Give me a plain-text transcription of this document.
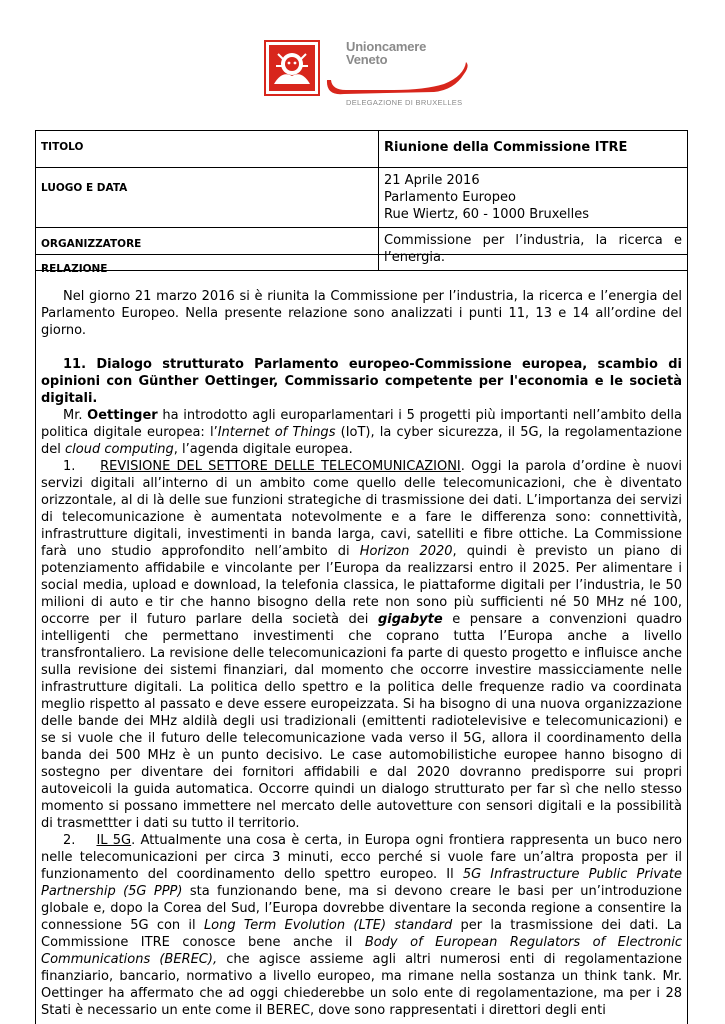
Unioncamere
Veneto
DELEGAZIONE DI BRUXELLES
TITOLO	Riunione della Commissione ITRE
LUOGO E DATA	21 Aprile 2016
Parlamento Europeo
Rue Wiertz, 60 - 1000 Bruxelles

ORGANIZZATORE	Commissione per l’industria, la ricerca e l’energia.
RELAZIONE

Nel giorno 21 marzo 2016 si è riunita la Commissione per l’industria, la ricerca e l’energia del Parlamento Europeo. Nella presente relazione sono analizzati i punti 11, 13 e 14 all’ordine del giorno.

11. Dialogo strutturato Parlamento europeo-Commissione europea, scambio di opinioni con Günther Oettinger, Commissario competente per l'economia e le società digitali.

Mr. Oettinger ha introdotto agli europarlamentari i 5 progetti più importanti nell’ambito della politica digitale europea: l’Internet of Things (IoT), la cyber sicurezza, il 5G, la regolamentazione del cloud computing, l’agenda digitale europea.

1. REVISIONE DEL SETTORE DELLE TELECOMUNICAZIONI. Oggi la parola d’ordine è nuovi servizi digitali all’interno di un ambito come quello delle telecomunicazioni, che è diventato orizzontale, al di là delle sue funzioni strategiche di trasmissione dei dati. L’importanza dei servizi di telecomunicazione è aumentata notevolmente e a fare le differenza sono: connettività, infrastrutture digitali, investimenti in banda larga, cavi, satelliti e fibre ottiche. La Commissione farà uno studio approfondito nell’ambito di Horizon 2020, quindi è previsto un piano di potenziamento affidabile e vincolante per l’Europa da realizzarsi entro il 2025. Per alimentare i social media, upload e download, la telefonia classica, le piattaforme digitali per l’industria, le 50 milioni di auto e tir che hanno bisogno della rete non sono più sufficienti né 50 MHz né 100, occorre per il futuro parlare della società dei gigabyte e pensare a convenzioni quadro intelligenti che permettano investimenti che coprano tutta l’Europa anche a livello transfrontaliero. La revisione delle telecomunicazioni fa parte di questo progetto e influisce anche sulla revisione dei sistemi finanziari, dal momento che occorre investire massicciamente nelle infrastrutture digitali. La politica dello spettro e la politica delle frequenze radio va coordinata meglio rispetto al passato e deve essere europeizzata. Si ha bisogno di una nuova organizzazione delle bande dei MHz aldilà degli usi tradizionali (emittenti radiotelevisive e telecomunicazioni) e se si vuole che il futuro delle telecomunicazione vada verso il 5G, allora il coordinamento della banda dei 500 MHz è un punto decisivo. Le case automobilistiche europee hanno bisogno di sostegno per diventare dei fornitori affidabili e dal 2020 dovranno predisporre sui propri autoveicoli la guida automatica. Occorre quindi un dialogo strutturato per far sì che nello stesso momento si possano immettere nel mercato delle autovetture con sensori digitali e la possibilità di trasmettter i dati su tutto il territorio.

2. IL 5G. Attualmente una cosa è certa, in Europa ogni frontiera rappresenta un buco nero nelle telecomunicazioni per circa 3 minuti, ecco perché si vuole fare un’altra proposta per il funzionamento del coordinamento dello spettro europeo. Il 5G Infrastructure Public Private Partnership (5G PPP) sta funzionando bene, ma si devono creare le basi per un’introduzione globale e, dopo la Corea del Sud, l’Europa dovrebbe diventare la seconda regione a consentire la connessione 5G con il Long Term Evolution (LTE) standard per la trasmissione dei dati. La Commissione ITRE conosce bene anche il Body of European Regulators of Electronic Communications (BEREC), che agisce assieme agli altri numerosi enti di regolamentazione finanziario, bancario, normativo a livello europeo, ma rimane nella sostanza un think tank. Mr. Oettinger ha affermato che ad oggi chiederebbe un solo ente di regolamentazione, ma per i 28 Stati è necessario un ente come il BEREC, dove sono rappresentati i direttori degli enti
